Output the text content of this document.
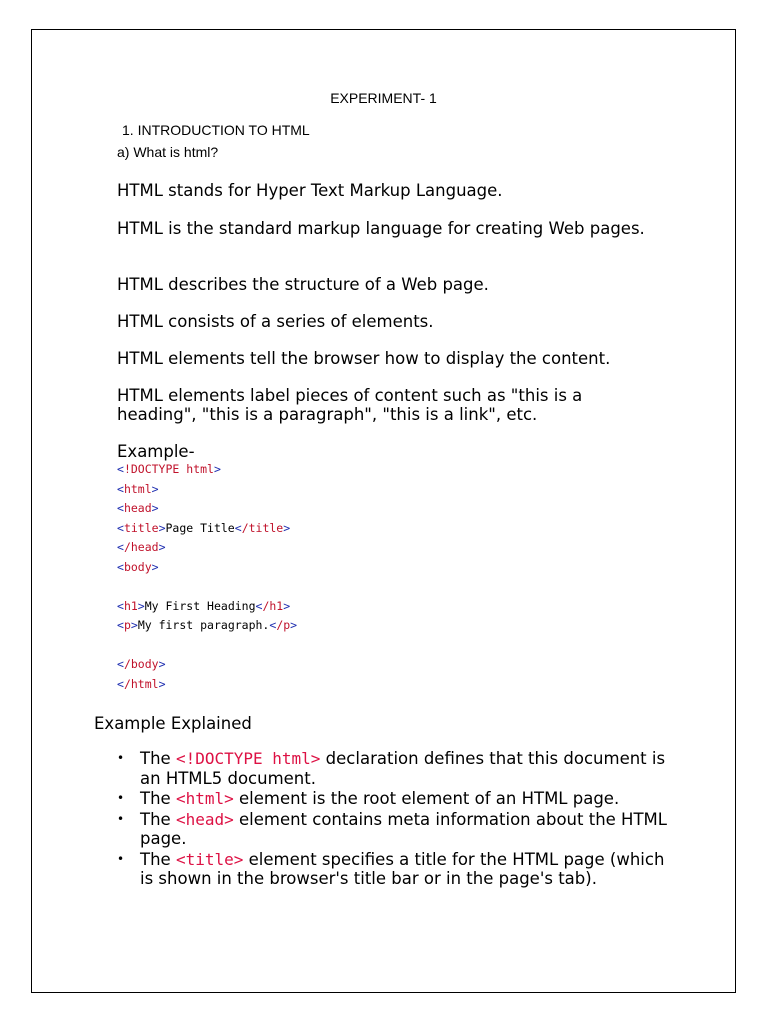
EXPERIMENT- 1

1. INTRODUCTION TO HTML

a) What is html?

HTML stands for Hyper Text Markup Language.

HTML is the standard markup language for creating Web pages.

HTML describes the structure of a Web page.

HTML consists of a series of elements.

HTML elements tell the browser how to display the content.

HTML elements label pieces of content such as "this is a heading", "this is a paragraph", "this is a link", etc.

Example-

<!DOCTYPE html>
<html>
<head>
<title>Page Title</title>
</head>
<body>

<h1>My First Heading</h1>
<p>My first paragraph.</p>

</body>
</html>

Example Explained

• The <!DOCTYPE html> declaration defines that this document is an HTML5 document.
• The <html> element is the root element of an HTML page.
• The <head> element contains meta information about the HTML page.
• The <title> element specifies a title for the HTML page (which is shown in the browser's title bar or in the page's tab).
